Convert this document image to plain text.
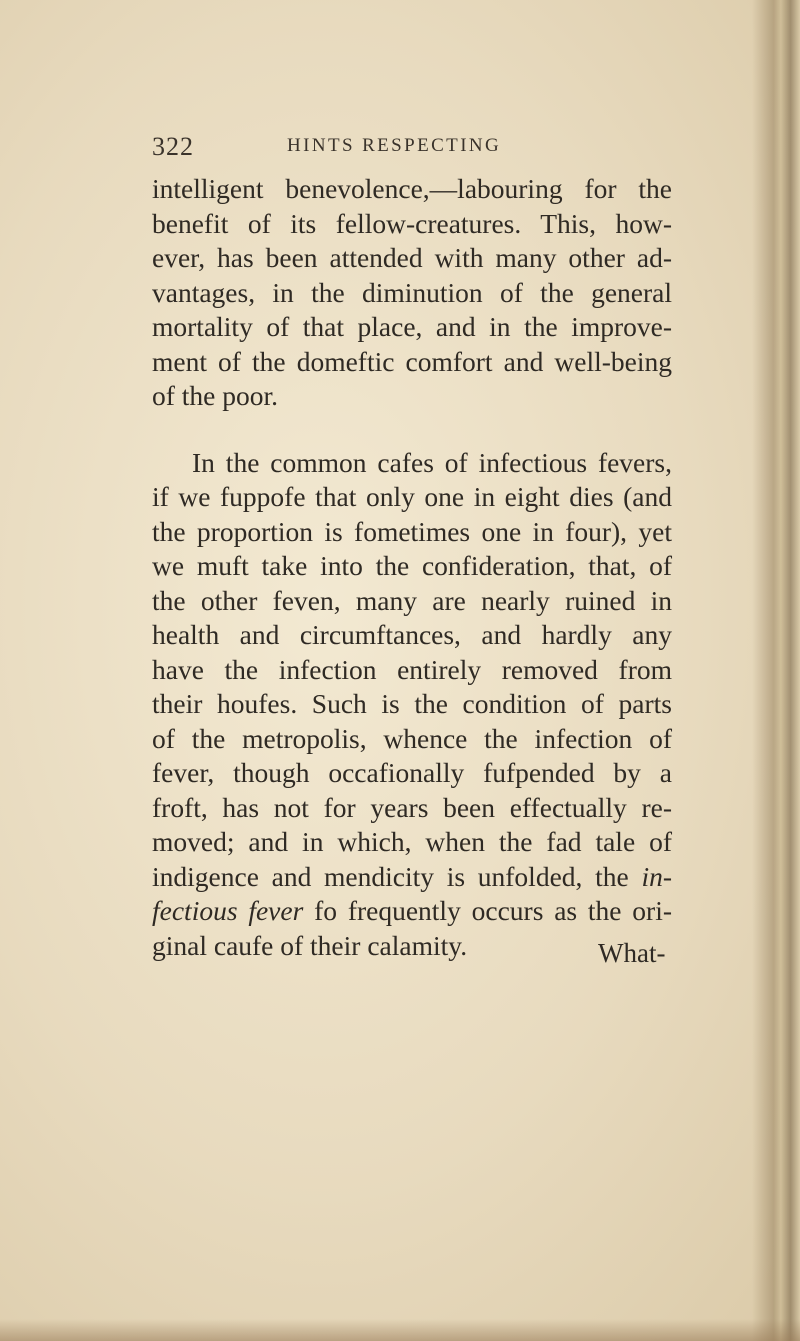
322	HINTS RESPECTING
intelligent benevolence,—labouring for the
benefit of its fellow-creatures. This, how-
ever, has been attended with many other ad-
vantages, in the diminution of the general
mortality of that place, and in the improve-
ment of the domeftic comfort and well-being
of the poor.
In the common cafes of infectious fevers,
if we fuppofe that only one in eight dies (and
the proportion is fometimes one in four), yet
we muft take into the confideration, that, of
the other feven, many are nearly ruined in
health and circumftances, and hardly any
have the infection entirely removed from
their houfes. Such is the condition of parts
of the metropolis, whence the infection of
fever, though occafionally fufpended by a
froft, has not for years been effectually re-
moved; and in which, when the fad tale of
indigence and mendicity is unfolded, the in-
fectious fever fo frequently occurs as the ori-
ginal caufe of their calamity.	What-
